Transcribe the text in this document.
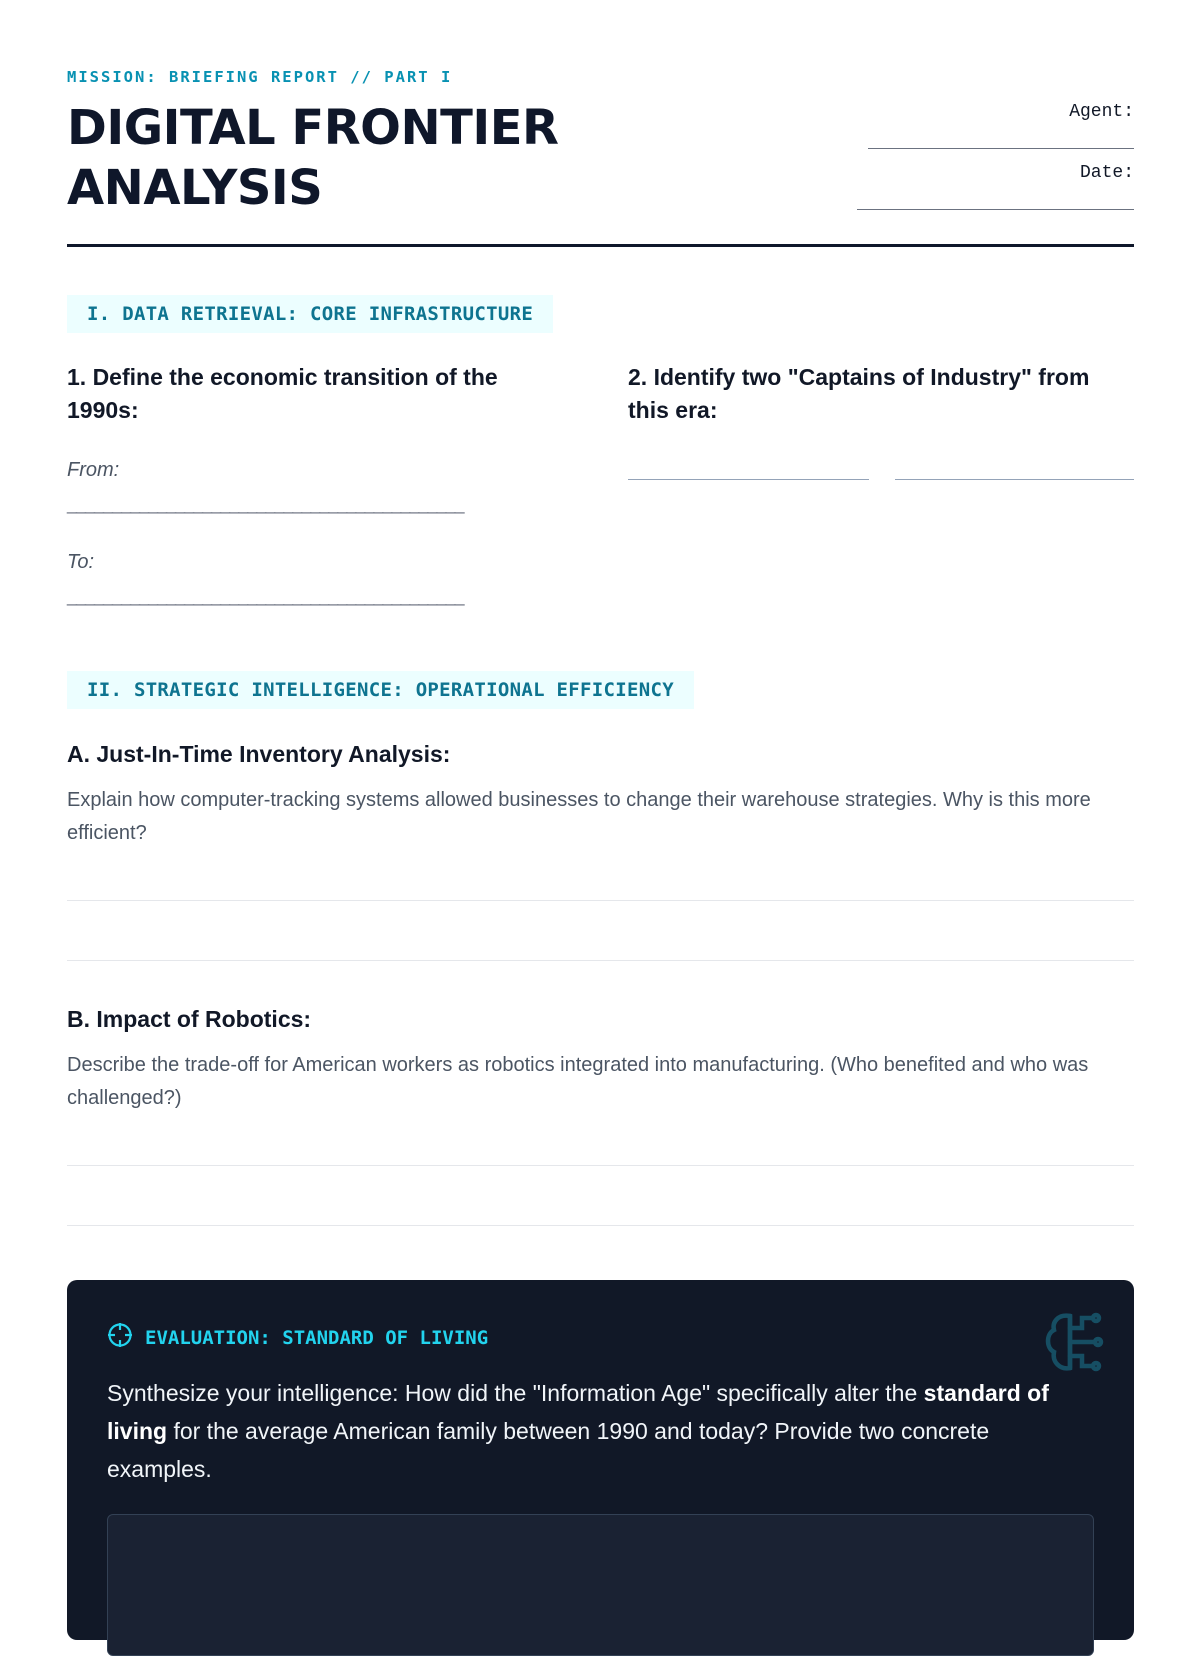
MISSION: BRIEFING REPORT // PART I
DIGITAL FRONTIER
ANALYSIS
Agent:
Date:
I. DATA RETRIEVAL: CORE INFRASTRUCTURE
1. Define the economic transition of the 1990s:
From:
____________________________________________
To:
____________________________________________
2. Identify two "Captains of Industry" from this era:
II. STRATEGIC INTELLIGENCE: OPERATIONAL EFFICIENCY
A. Just-In-Time Inventory Analysis:

Explain how computer-tracking systems allowed businesses to change their warehouse strategies. Why is this more efficient?

B. Impact of Robotics:

Describe the trade-off for American workers as robotics integrated into manufacturing. (Who benefited and who was challenged?)

EVALUATION: STANDARD OF LIVING

Synthesize your intelligence: How did the "Information Age" specifically alter the standard of living for the average American family between 1990 and today? Provide two concrete examples.
